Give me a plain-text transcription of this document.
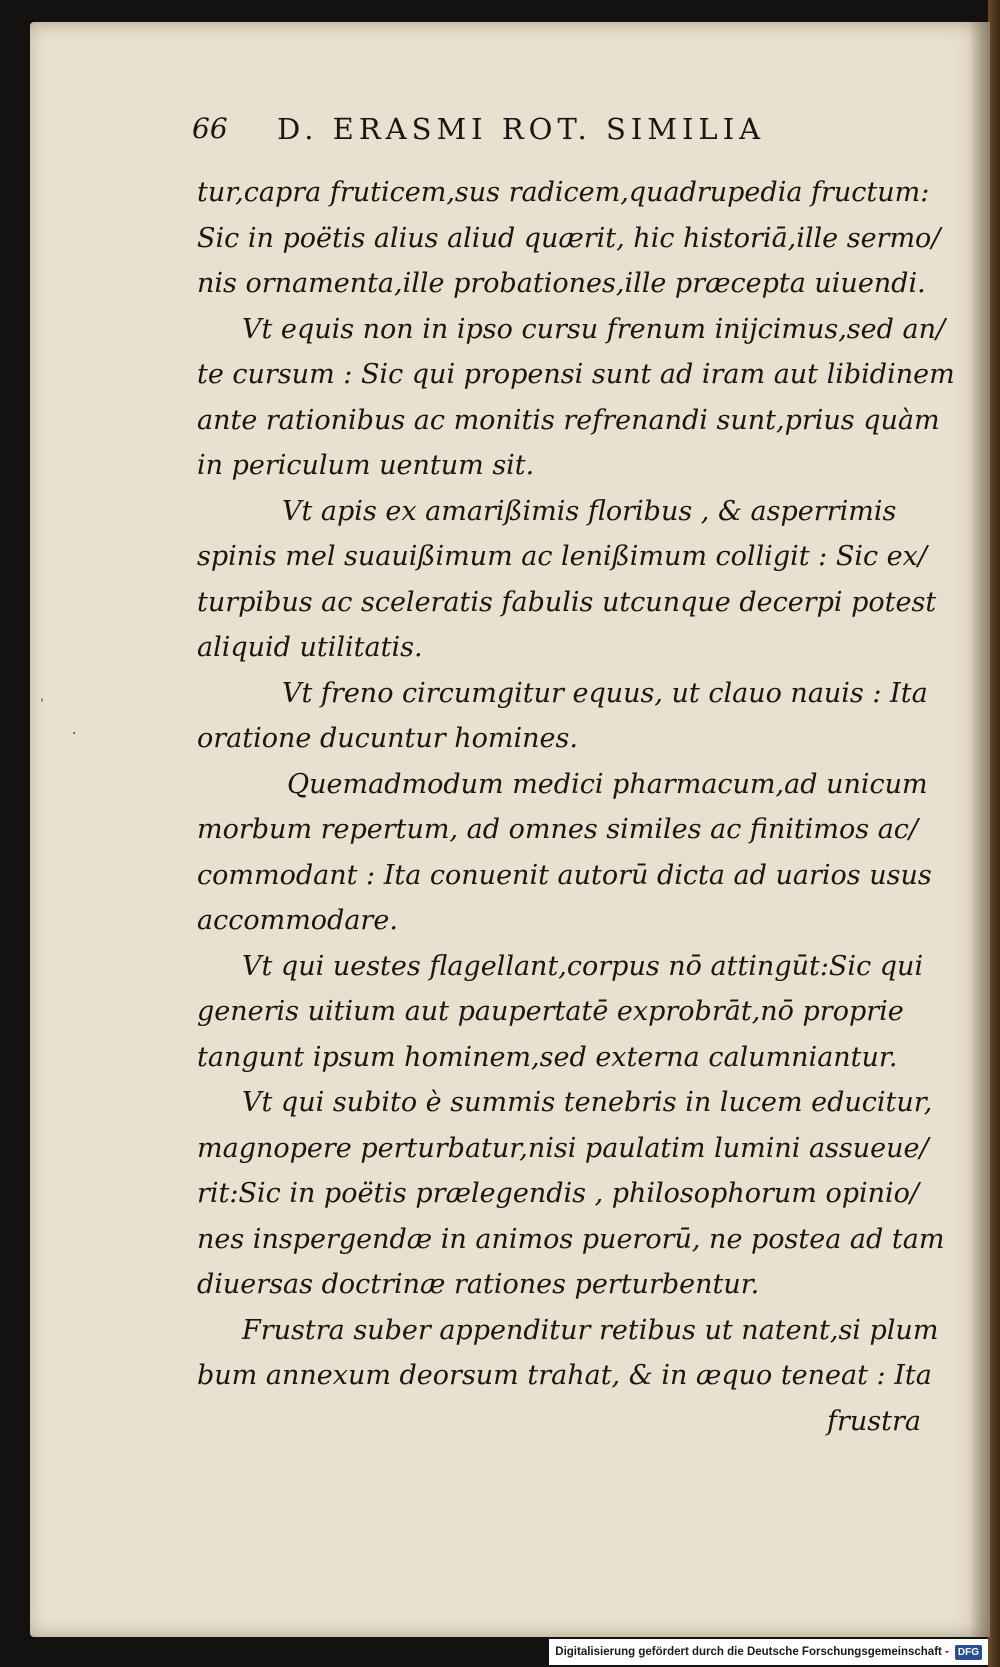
ˌ
·
66 D. ERASMI ROT. SIMILIA
tur,capra fruticem,sus radicem,quadrupedia fructum:
Sic in poëtis alius aliud quærit, hic historiā,ille sermo/
nis ornamenta,ille probationes,ille præcepta uiuendi.
Vt equis non in ipso cursu frenum inijcimus,sed an/
te cursum : Sic qui propensi sunt ad iram aut libidinem
ante rationibus ac monitis refrenandi sunt,prius quàm
in periculum uentum sit.
Vt apis ex amarißimis floribus , & asperrimis
spinis mel suauißimum ac lenißimum colligit : Sic ex/
turpibus ac sceleratis fabulis utcunque decerpi potest
aliquid utilitatis.
Vt freno circumgitur equus, ut clauo nauis : Ita
oratione ducuntur homines.
Quemadmodum medici pharmacum,ad unicum
morbum repertum, ad omnes similes ac finitimos ac/
commodant : Ita conuenit autorū dicta ad uarios usus
accommodare.
Vt qui uestes flagellant,corpus nō attingūt:Sic qui
generis uitium aut paupertatē exprobrāt,nō proprie
tangunt ipsum hominem,sed externa calumniantur.
Vt qui subito è summis tenebris in lucem educitur,
magnopere perturbatur,nisi paulatim lumini assueue/
rit:Sic in poëtis prælegendis , philosophorum opinio/
nes inspergendæ in animos puerorū, ne postea ad tam
diuersas doctrinæ rationes perturbentur.
Frustra suber appenditur retibus ut natent,si plum
bum annexum deorsum trahat, & in æquo teneat : Ita
frustra
Digitalisierung gefördert durch die Deutsche Forschungsgemeinschaft - DFG
